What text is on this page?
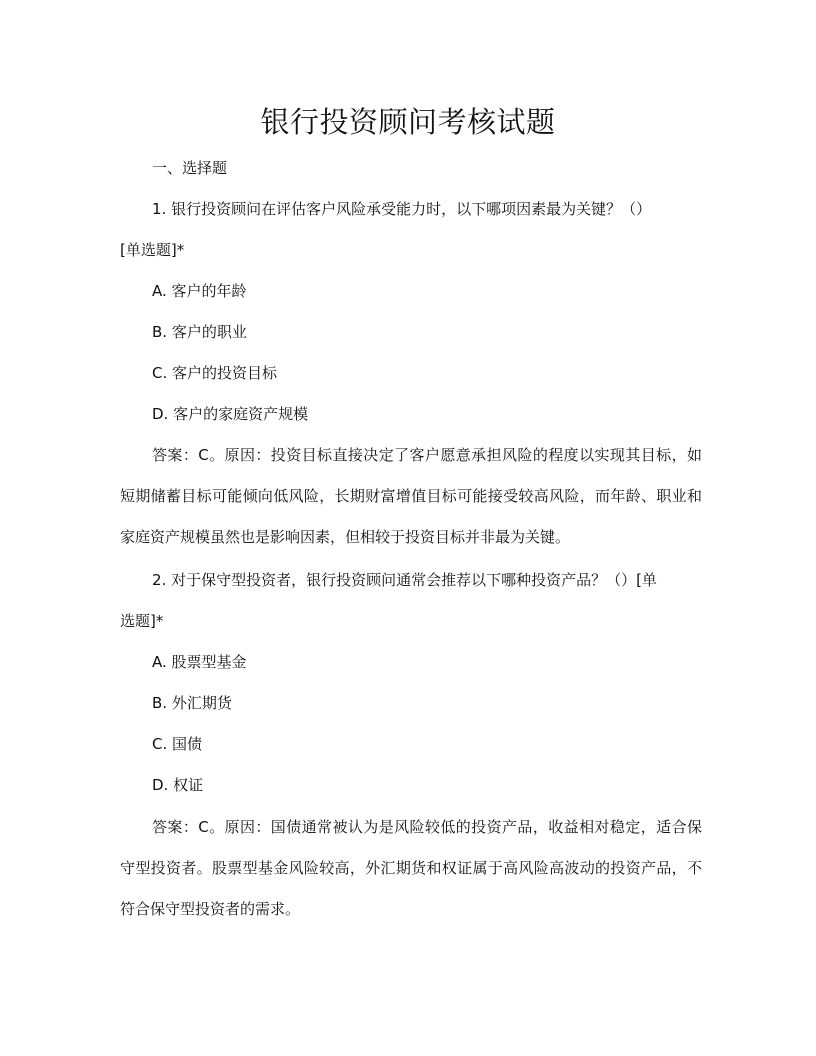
银行投资顾问考核试题
一、选择题
1. 银行投资顾问在评估客户风险承受能力时，以下哪项因素最为关键？（）
[单选题]*
A. 客户的年龄
B. 客户的职业
C. 客户的投资目标
D. 客户的家庭资产规模

答案：C。原因：投资目标直接决定了客户愿意承担风险的程度以实现其目标，如短期储蓄目标可能倾向低风险，长期财富增值目标可能接受较高风险，而年龄、职业和家庭资产规模虽然也是影响因素，但相较于投资目标并非最为关键。

2. 对于保守型投资者，银行投资顾问通常会推荐以下哪种投资产品？（）[单
选题]*
A. 股票型基金
B. 外汇期货
C. 国债
D. 权证

答案：C。原因：国债通常被认为是风险较低的投资产品，收益相对稳定，适合保守型投资者。股票型基金风险较高，外汇期货和权证属于高风险高波动的投资产品，不符合保守型投资者的需求。
